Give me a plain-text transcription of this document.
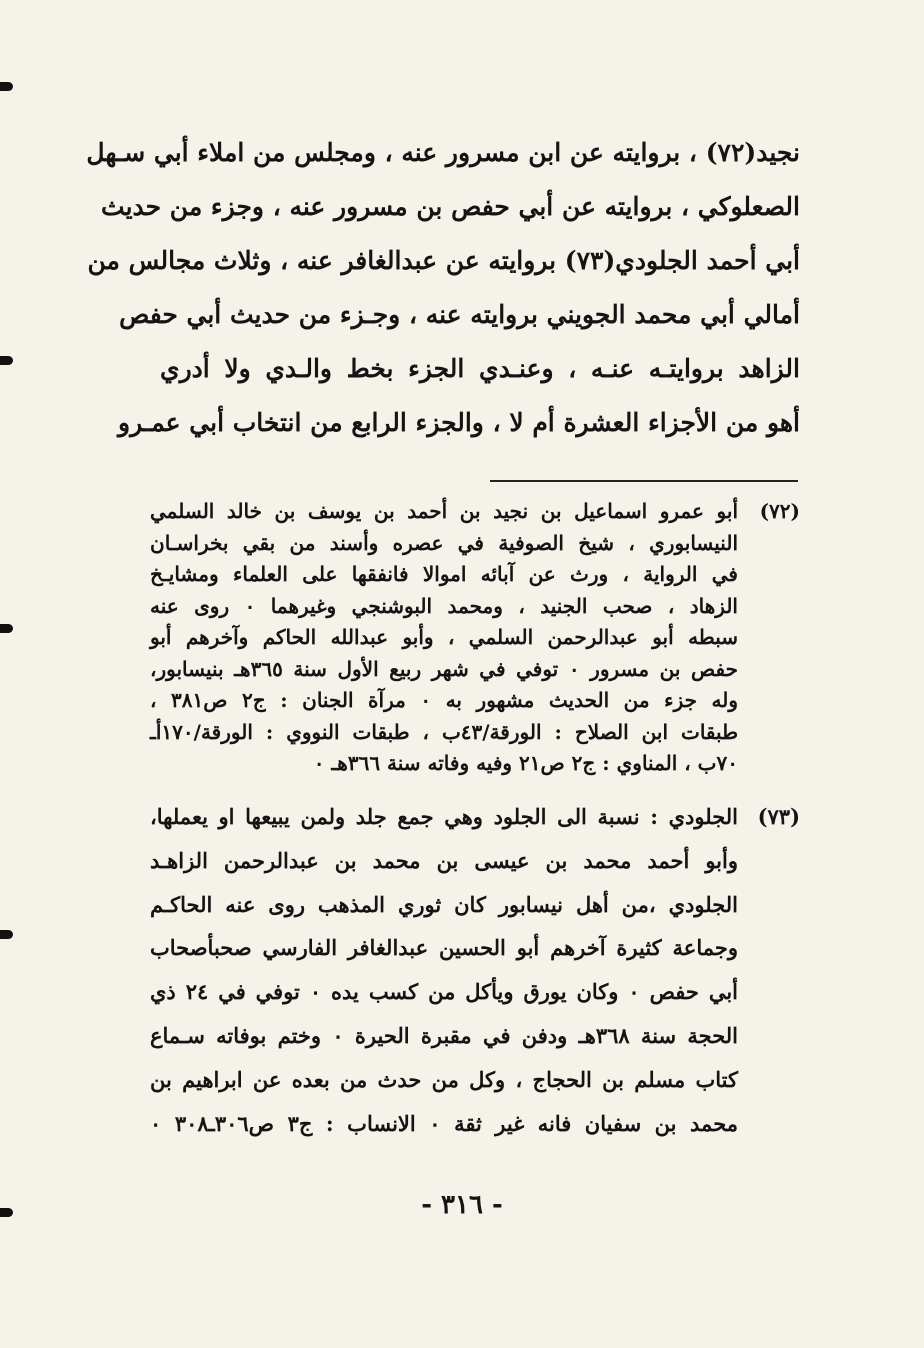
نجيد(٧٢) ، بروايته عن ابن مسرور عنه ، ومجلس من املاء أبي سـهل
الصعلوكي ، بروايته عن أبي حفص بن مسرور عنه ، وجزء من حديث
أبي أحمد الجلودي(٧٣) بروايته عن عبدالغافر عنه ، وثلاث مجالس من
أمالي أبي محمد الجويني بروايته عنه ، وجـزء من حديث أبي حفص
الزاهد بروايتـه عنـه ، وعنـدي الجزء بخط والـدي ولا أدري
أهو من الأجزاء العشرة أم لا ، والجزء الرابع من انتخاب أبي عمـرو
(٧٢)
أبو عمرو اسماعيل بن نجيد بن أحمد بن يوسف بن خالد السلمي
النيسابوري ، شيخ الصوفية في عصره وأسند من بقي بخراسـان
في الرواية ، ورث عن آبائه اموالا فانفقها على العلماء ومشايـخ
الزهاد ، صحب الجنيد ، ومحمد البوشنجي وغيرهما ٠ روى عنه
سبطه أبو عبدالرحمن السلمي ، وأبو عبدالله الحاكم وآخرهم أبو
حفص بن مسرور ٠ توفي في شهر ربيع الأول سنة ٣٦٥هـ بنيسابور،
وله جزء من الحديث مشهور به ٠ مرآة الجنان : ج٢ ص٣٨١ ،
طبقات ابن الصلاح : الورقة/٤٣ب ، طبقات النووي : الورقة/١٧٠أـ
٧٠ب ، المناوي : ج٢ ص٢١ وفيه وفاته سنة ٣٦٦هـ ٠
(٧٣)
الجلودي : نسبة الى الجلود وهي جمع جلد ولمن يبيعها او يعملها،
وأبو أحمد محمد بن عيسى بن محمد بن عبدالرحمن الزاهـد
الجلودي ،من أهل نيسابور كان ثوري المذهب روى عنه الحاكـم
وجماعة كثيرة آخرهم أبو الحسين عبدالغافر الفارسي صحبأصحاب
أبي حفص ٠ وكان يورق ويأكل من كسب يده ٠ توفي في ٢٤ ذي
الحجة سنة ٣٦٨هـ ودفن في مقبرة الحيرة ٠ وختم بوفاته سـماع
كتاب مسلم بن الحجاج ، وكل من حدث من بعده عن ابراهيم بن
محمد بن سفيان فانه غير ثقة ٠ الانساب : ج٣ ص٣٠٦ـ٣٠٨ ٠
- ٣١٦ -
